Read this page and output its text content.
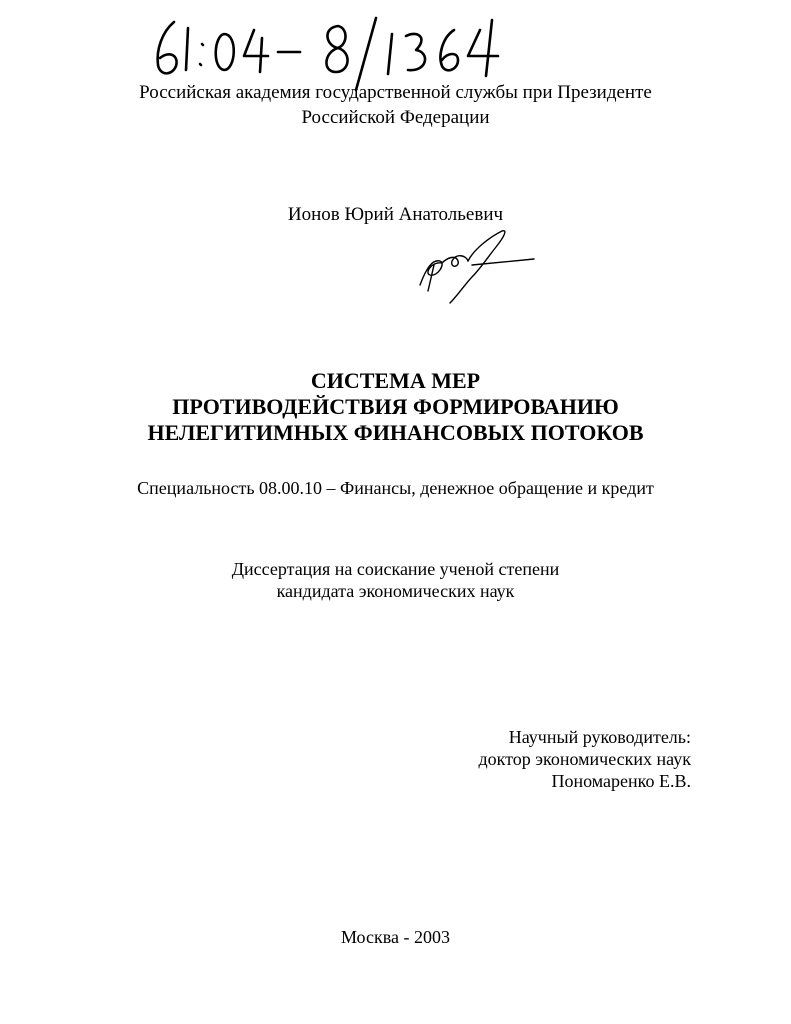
Российская академия государственной службы при Президенте
Российской Федерации
Ионов Юрий Анатольевич
СИСТЕМА МЕР
ПРОТИВОДЕЙСТВИЯ ФОРМИРОВАНИЮ
НЕЛЕГИТИМНЫХ ФИНАНСОВЫХ ПОТОКОВ
Специальность 08.00.10 – Финансы, денежное обращение и кредит
Диссертация на соискание ученой степени
кандидата экономических наук
Научный руководитель:
доктор экономических наук
Пономаренко Е.В.
Москва - 2003
